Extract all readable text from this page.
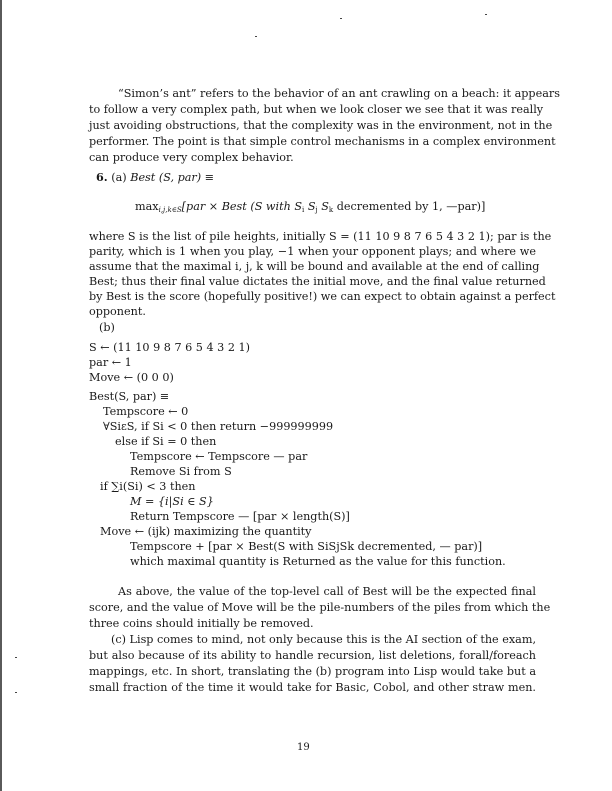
“Simon’s ant” refers to the behavior of an ant crawling on a beach: it appears
to follow a very complex path, but when we look closer we see that it was really
just avoiding obstructions, that the complexity was in the environment, not in the
performer. The point is that simple control mechanisms in a complex environment
can produce very complex behavior.
6. (a) Best (S, par) ≡
$\max_{i,j,k\in S}[par$ × Best (S with $S_i$ $S_j$ $S_k$ decremented by 1, —par)]
where S is the list of pile heights, initially S = (11 10 9 8 7 6 5 4 3 2 1); par is the
parity, which is 1 when you play, −1 when your opponent plays; and where we
assume that the maximal i, j, k will be bound and available at the end of calling
Best; thus their final value dictates the initial move, and the final value returned
by Best is the score (hopefully positive!) we can expect to obtain against a perfect
opponent.
(b)
S ← (11 10 9 8 7 6 5 4 3 2 1)
par ← 1
Move ← (0 0 0)
Best(S, par) ≡
Tempscore ← 0
∀SiεS, if Si < 0 then return −999999999
else if Si = 0 then
Tempscore ← Tempscore — par
Remove Si from S
if ∑i(Si) < 3 then
M = {i|Si ∈ S}
Return Tempscore — [par × length(S)]
Move ← (ijk) maximizing the quantity
Tempscore + [par × Best(S with SiSjSk decremented, — par)]
which maximal quantity is Returned as the value for this function.
As above, the value of the top-level call of Best will be the expected final
score, and the value of Move will be the pile-numbers of the piles from which the
three coins should initially be removed.
(c) Lisp comes to mind, not only because this is the AI section of the exam,
but also because of its ability to handle recursion, list deletions, forall/foreach
mappings, etc. In short, translating the (b) program into Lisp would take but a
small fraction of the time it would take for Basic, Cobol, and other straw men.
19
